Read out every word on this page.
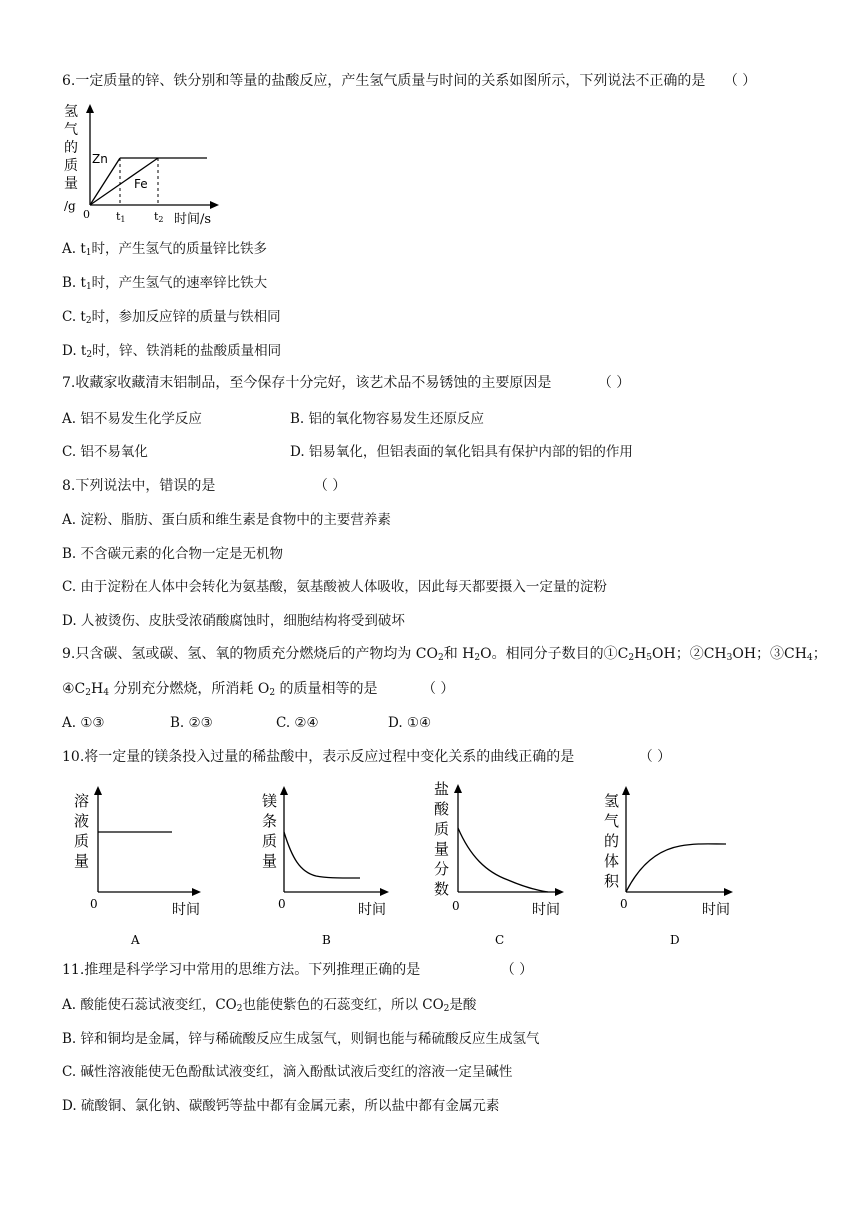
6.一定质量的锌、铁分别和等量的盐酸反应，产生氢气质量与时间的关系如图所示，下列说法不正确的是 （ ）
氢
气
的
质
量
/g
Zn
Fe
0 t1	t2 时间/s
A. $t_1$时，产生氢气的质量锌比铁多
B. $t_1$时，产生氢气的速率锌比铁大
C. $t_2$时，参加反应锌的质量与铁相同
D. $t_2$时，锌、铁消耗的盐酸质量相同
7.收藏家收藏清末铝制品，至今保存十分完好，该艺术品不易锈蚀的主要原因是	（ ）
A. 铝不易发生化学反应	B. 铝的氧化物容易发生还原反应
C. 铝不易氧化	D. 铝易氧化，但铝表面的氧化铝具有保护内部的铝的作用
8.下列说法中，错误的是	（ ）
A. 淀粉、脂肪、蛋白质和维生素是食物中的主要营养素
B. 不含碳元素的化合物一定是无机物
C. 由于淀粉在人体中会转化为氨基酸，氨基酸被人体吸收，因此每天都要摄入一定量的淀粉
D. 人被烫伤、皮肤受浓硝酸腐蚀时，细胞结构将受到破坏
9.只含碳、氢或碳、氢、氧的物质充分燃烧后的产物均为 $CO_2$和 $H_2O$。相同分子数目的$①C_2H_5OH$；$②CH_3OH$；$③CH_4$；
$④C_2H_4$ 分别充分燃烧，所消耗 $O_2$ 的质量相等的是	（ ）
A. ①③	B. ②③	C. ②④	D. ①④
10.将一定量的镁条投入过量的稀盐酸中，表示反应过程中变化关系的曲线正确的是	（ ）
溶
液
质
量
0	时间
A
镁
条
质
量
0	时间
B
盐
酸
质
量
分
数
0	时间
C
氢
气
的
体
积
0	时间
D
11.推理是科学学习中常用的思维方法。下列推理正确的是	（ ）
A. 酸能使石蕊试液变红，$CO_2$也能使紫色的石蕊变红，所以 $CO_2$是酸
B. 锌和铜均是金属，锌与稀硫酸反应生成氢气，则铜也能与稀硫酸反应生成氢气
C. 碱性溶液能使无色酚酞试液变红，滴入酚酞试液后变红的溶液一定呈碱性
D. 硫酸铜、氯化钠、碳酸钙等盐中都有金属元素，所以盐中都有金属元素
